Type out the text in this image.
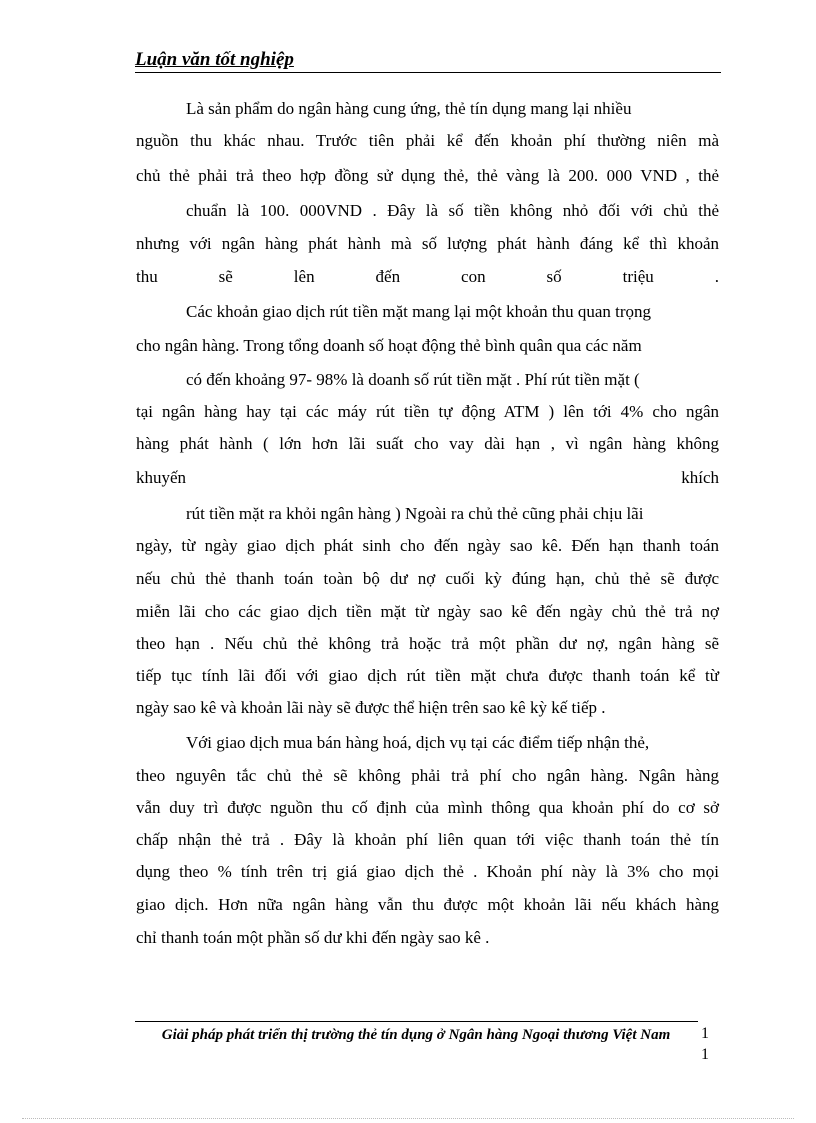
Luận văn tốt nghiệp
Là sản phẩm do ngân hàng cung ứng, thẻ tín dụng mang lại nhiều
nguồn thu khác nhau. Trước tiên phải kể đến khoản phí thường niên mà
chủ thẻ phải trả theo hợp đồng sử dụng thẻ, thẻ vàng là 200. 000 VND , thẻ
chuẩn là 100. 000VND . Đây là số tiền không nhỏ đối với chủ thẻ
nhưng với ngân hàng phát hành mà số lượng phát hành đáng kể thì khoản
thu sẽ lên đến con số triệu .
Các khoản giao dịch rút tiền mặt mang lại một khoản thu quan trọng
cho ngân hàng. Trong tổng doanh số hoạt động thẻ bình quân qua các năm
có đến khoảng 97- 98% là doanh số rút tiền mặt . Phí rút tiền mặt (
tại ngân hàng hay tại các máy rút tiền tự động ATM ) lên tới 4% cho ngân
hàng phát hành ( lớn hơn lãi suất cho vay dài hạn , vì ngân hàng không
khuyến khích
rút tiền mặt ra khỏi ngân hàng ) Ngoài ra chủ thẻ cũng phải chịu lãi
ngày, từ ngày giao dịch phát sinh cho đến ngày sao kê. Đến hạn thanh toán
nếu chủ thẻ thanh toán toàn bộ dư nợ cuối kỳ đúng hạn, chủ thẻ sẽ được
miễn lãi cho các giao dịch tiền mặt từ ngày sao kê đến ngày chủ thẻ trả nợ
theo hạn . Nếu chủ thẻ không trả hoặc trả một phần dư nợ, ngân hàng sẽ
tiếp tục tính lãi đối với giao dịch rút tiền mặt chưa được thanh toán kể từ
ngày sao kê và khoản lãi này sẽ được thể hiện trên sao kê kỳ kế tiếp .
Với giao dịch mua bán hàng hoá, dịch vụ tại các điểm tiếp nhận thẻ,
theo nguyên tắc chủ thẻ sẽ không phải trả phí cho ngân hàng. Ngân hàng
vẫn duy trì được nguồn thu cố định của mình thông qua khoản phí do cơ sở
chấp nhận thẻ trả . Đây là khoản phí liên quan tới việc thanh toán thẻ tín
dụng theo % tính trên trị giá giao dịch thẻ . Khoản phí này là 3% cho mọi
giao dịch. Hơn nữa ngân hàng vẫn thu được một khoản lãi nếu khách hàng
chỉ thanh toán một phần số dư khi đến ngày sao kê .
Giải pháp phát triển thị trường thẻ tín dụng ở Ngân hàng Ngoại thương Việt Nam	1
1
